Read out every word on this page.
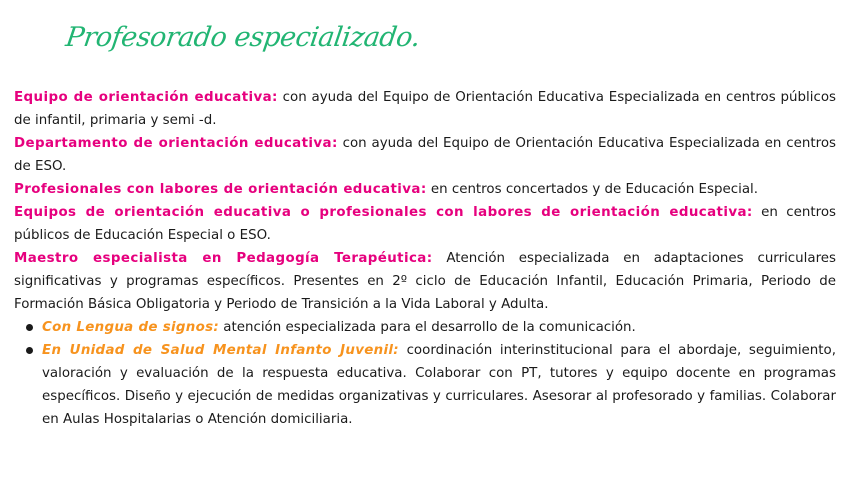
Profesorado especializado.

Equipo de orientación educativa: con ayuda del Equipo de Orientación Educativa Especializada en centros públicos de infantil, primaria y semi -d.

Departamento de orientación educativa: con ayuda del Equipo de Orientación Educativa Especializada en centros de ESO.

Profesionales con labores de orientación educativa: en centros concertados y de Educación Especial.

Equipos de orientación educativa o profesionales con labores de orientación educativa: en centros públicos de Educación Especial o ESO.

Maestro especialista en Pedagogía Terapéutica: Atención especializada en adaptaciones curriculares significativas y programas específicos. Presentes en 2º ciclo de Educación Infantil, Educación Primaria, Periodo de Formación Básica Obligatoria y Periodo de Transición a la Vida Laboral y Adulta.

Con Lengua de signos: atención especializada para el desarrollo de la comunicación.
En Unidad de Salud Mental Infanto Juvenil: coordinación interinstitucional para el abordaje, seguimiento, valoración y evaluación de la respuesta educativa. Colaborar con PT, tutores y equipo docente en programas específicos. Diseño y ejecución de medidas organizativas y curriculares. Asesorar al profesorado y familias. Colaborar en Aulas Hospitalarias o Atención domiciliaria.
